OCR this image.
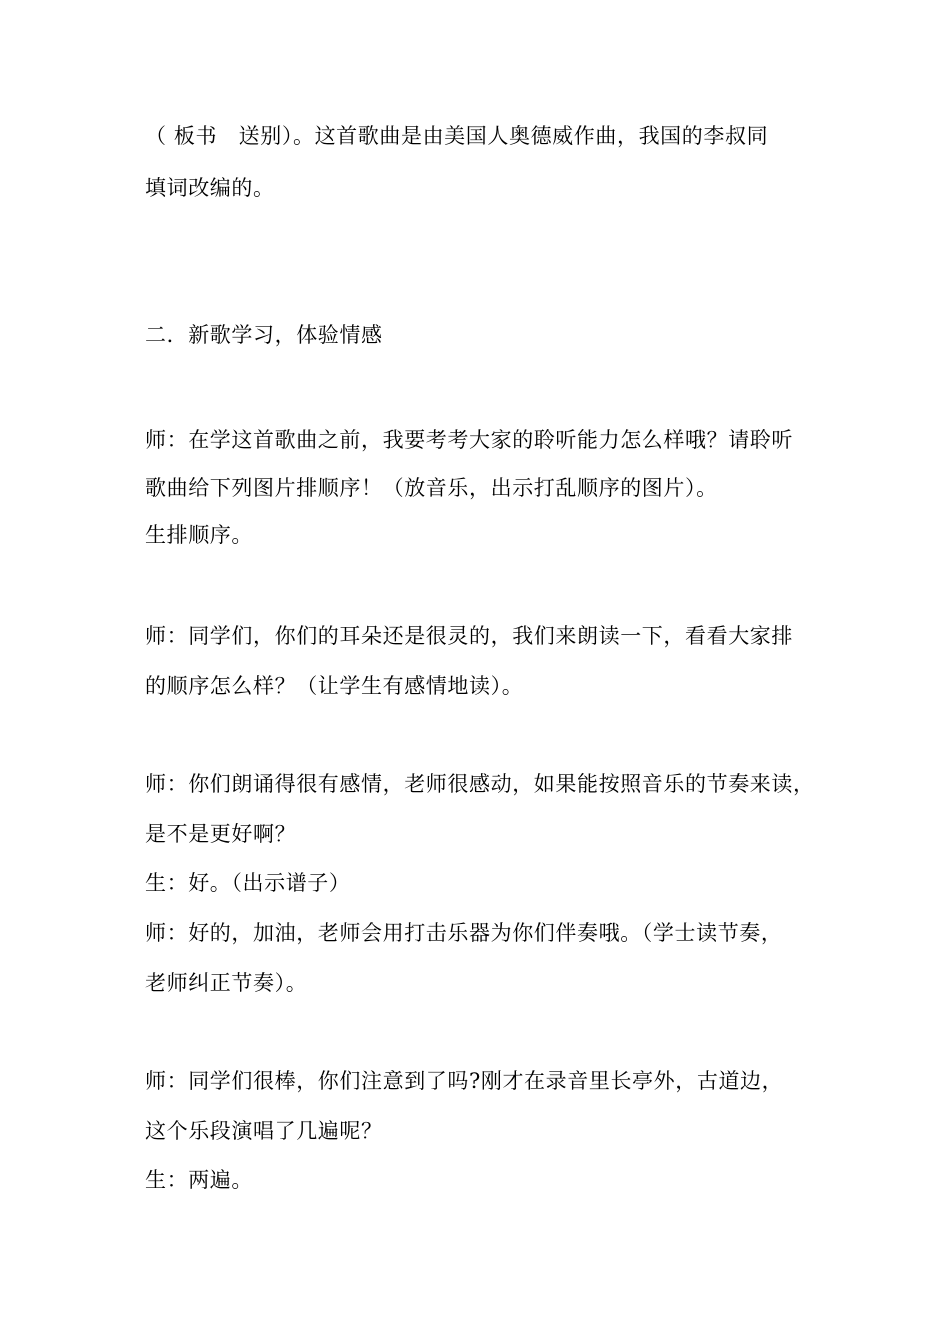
（ 板书　送别）。这首歌曲是由美国人奥德威作曲，我国的李叔同
填词改编的。
二．新歌学习，体验情感
师：在学这首歌曲之前，我要考考大家的聆听能力怎么样哦？请聆听
歌曲给下列图片排顺序！（放音乐，出示打乱顺序的图片）。
生排顺序。
师：同学们，你们的耳朵还是很灵的，我们来朗读一下，看看大家排
的顺序怎么样？（让学生有感情地读）。
师：你们朗诵得很有感情，老师很感动，如果能按照音乐的节奏来读，
是不是更好啊？
生：好。（出示谱子）
师：好的，加油，老师会用打击乐器为你们伴奏哦。（学士读节奏，
老师纠正节奏）。
师：同学们很棒，你们注意到了吗?刚才在录音里长亭外，古道边，
这个乐段演唱了几遍呢？
生：两遍。
